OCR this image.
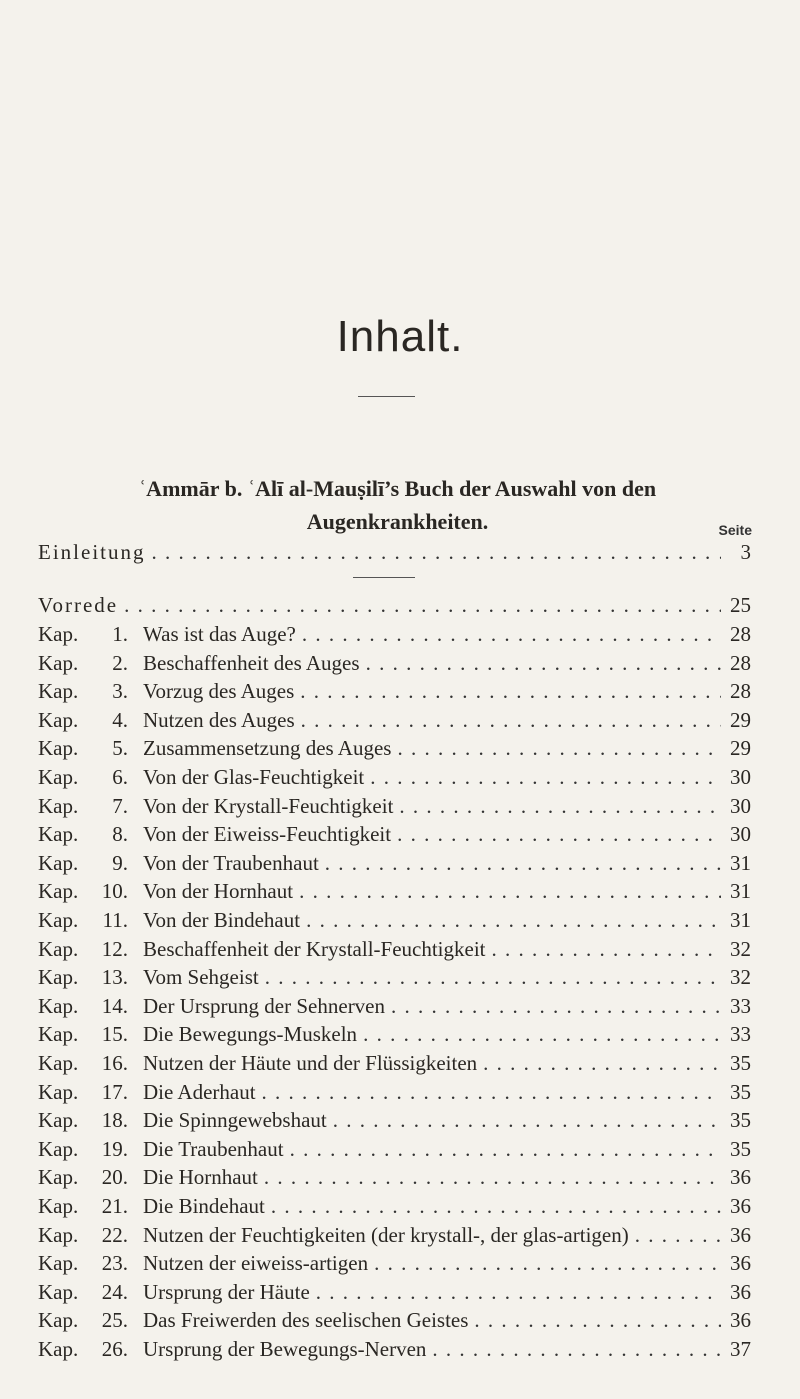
Inhalt.
ʿAmmār b. ʿAlī al-Mauṣilī’s Buch der Auswahl von den
Augenkrankheiten.	Seite
Einleitung . . .	3
Vorrede . . .	25
Kap.	1. Was ist das Auge? . . .	28
Kap.	2. Beschaffenheit des Auges . . .	28
Kap.	3. Vorzug des Auges . . .	28
Kap.	4. Nutzen des Auges . . .	29
Kap.	5. Zusammensetzung des Auges . . .	29
Kap.	6. Von der Glas-Feuchtigkeit . . .	30
Kap.	7. Von der Krystall-Feuchtigkeit . . .	30
Kap.	8. Von der Eiweiss-Feuchtigkeit . . .	30
Kap.	9. Von der Traubenhaut . . .	31
Kap.	10. Von der Hornhaut . . .	31
Kap.	11. Von der Bindehaut . . .	31
Kap.	12. Beschaffenheit der Krystall-Feuchtigkeit . . .	32
Kap.	13. Vom Sehgeist . . .	32
Kap.	14. Der Ursprung der Sehnerven . . .	33
Kap.	15. Die Bewegungs-Muskeln . . .	33
Kap.	16. Nutzen der Häute und der Flüssigkeiten . . .	35
Kap.	17. Die Aderhaut . . .	35
Kap.	18. Die Spinngewebshaut . . .	35
Kap.	19. Die Traubenhaut . . .	35
Kap.	20. Die Hornhaut . . .	36
Kap.	21. Die Bindehaut . . .	36
Kap.	22. Nutzen der Feuchtigkeiten (der krystall-, der glas-artigen) . . .	36
Kap.	23. Nutzen der eiweiss-artigen . . .	36
Kap.	24. Ursprung der Häute . . .	36
Kap.	25. Das Freiwerden des seelischen Geistes . . .	36
Kap.	26. Ursprung der Bewegungs-Nerven . . .	37
